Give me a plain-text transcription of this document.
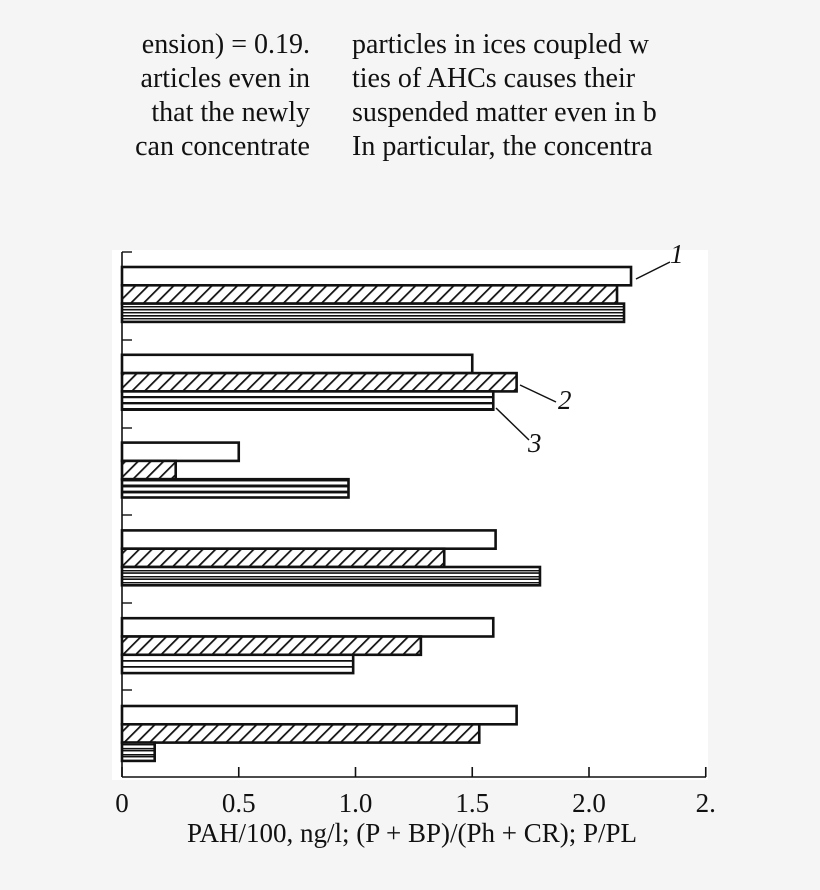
ension) = 0.19.
articles even in
that the newly
can concentrate
particles in ices coupled w
ties of AHCs causes their
suspended matter even in b
In particular, the concentra
1
2
3
0	0.5	1.0	1.5	2.0	2.
PAH/100, ng/l; (P + BP)/(Ph + CR); P/PL
